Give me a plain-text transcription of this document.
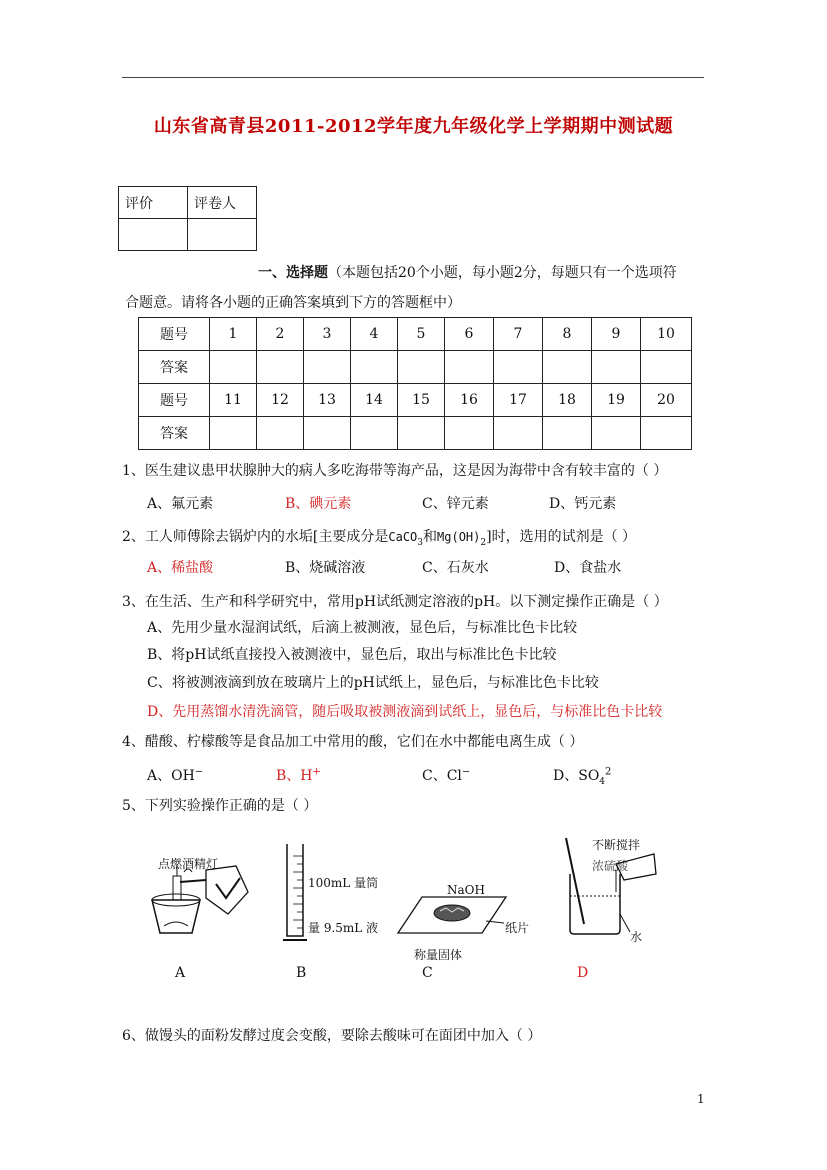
山东省高青县2011-2012学年度九年级化学上学期期中测试题
评价	评卷人

一、选择题（本题包括20个小题，每小题2分，每题只有一个选项符
合题意。请将各小题的正确答案填到下方的答题框中）
题号	1	2	3	4	5	6	7	8	9	10
答案										
题号	11	12	13	14	15	16	17	18	19	20
答案										
1、医生建议患甲状腺肿大的病人多吃海带等海产品，这是因为海带中含有较丰富的（ ）
A、氟元素	B、碘元素	C、锌元素	D、钙元素
2、工人师傅除去锅炉内的水垢[主要成分是CaCO$_3$和$Mg(OH)_2$]时，选用的试剂是（ ）
A、稀盐酸	B、烧碱溶液	C、石灰水	D、食盐水
3、在生活、生产和科学研究中，常用pH试纸测定溶液的pH。以下测定操作正确是（ ）
A、先用少量水湿润试纸，后滴上被测液，显色后，与标准比色卡比较
B、将pH试纸直接投入被测液中，显色后，取出与标准比色卡比较
C、将被测液滴到放在玻璃片上的pH试纸上，显色后，与标准比色卡比较
D、先用蒸馏水清洗滴管，随后吸取被测液滴到试纸上，显色后，与标准比色卡比较
4、醋酸、柠檬酸等是食品加工中常用的酸，它们在水中都能电离生成（ ）
A、OH−	B、H+	C、Cl−	D、$SO_4^2$
5、下列实验操作正确的是（ ）
点燃酒精灯
100mL 量筒
量 9.5mL 液
NaOH
纸片
称量固体
不断搅拌
浓硫酸
水
A	B	C	D
6、做馒头的面粉发酵过度会变酸，要除去酸味可在面团中加入（ ）
1
